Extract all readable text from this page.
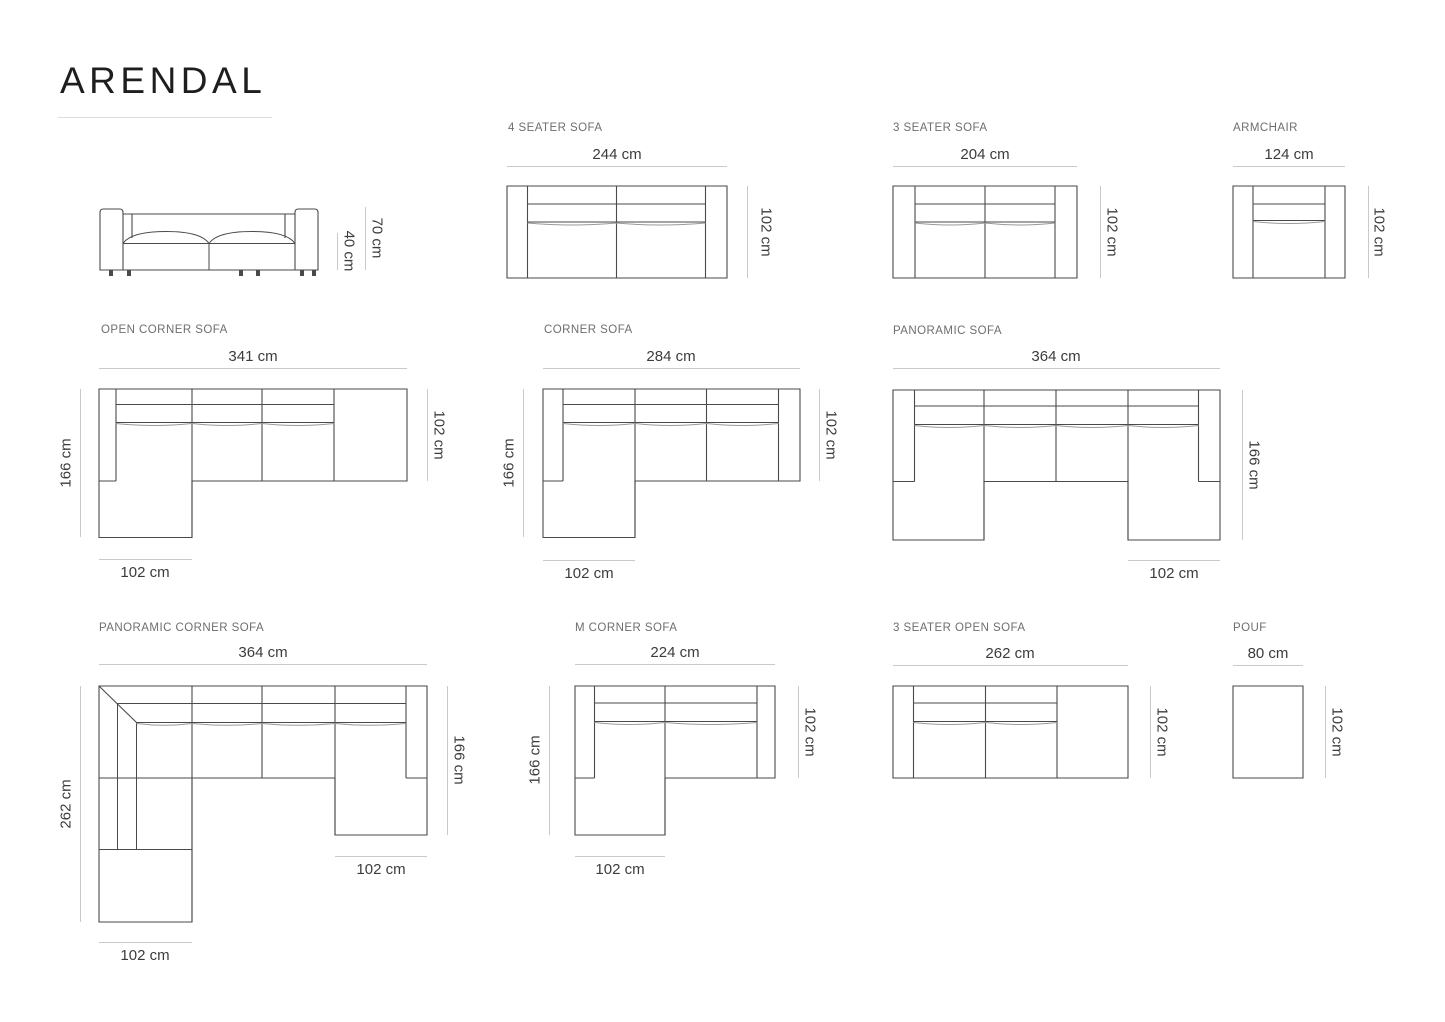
ARENDAL
4 SEATER SOFA	3 SEATER SOFA	ARMCHAIR
OPEN CORNER SOFA	CORNER SOFA	PANORAMIC SOFA
PANORAMIC CORNER SOFA	M CORNER SOFA	3 SEATER OPEN SOFA	POUF
244 cm	204 cm	124 cm
341 cm	284 cm	364 cm
364 cm	224 cm	262 cm	80 cm
102 cm	102 cm	102 cm
102 cm
102 cm	102 cm
70 cm
40 cm	102 cm	102 cm	102 cm
102 cm	102 cm
166 cm
166 cm
102 cm	102 cm	102 cm
166 cm	166 cm
262 cm
166 cm
